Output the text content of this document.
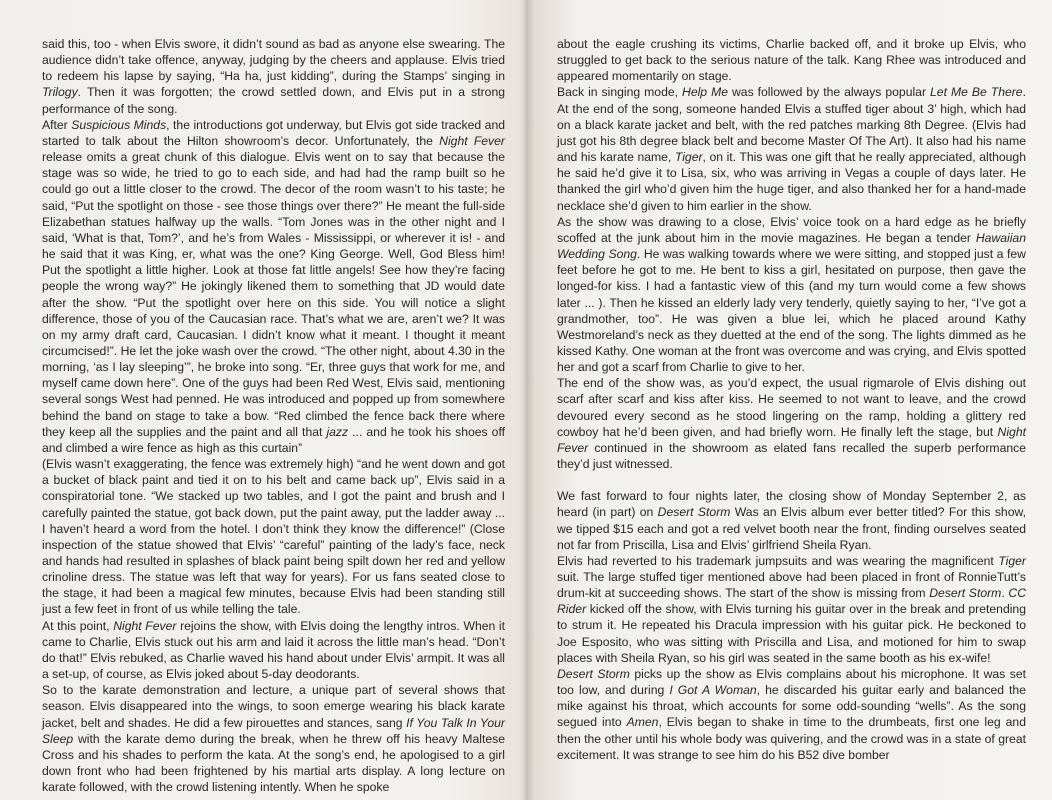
said this, too - when Elvis swore, it didn’t sound as bad as anyone else swearing. The audience didn’t take offence, anyway, judging by the cheers and applause. Elvis tried to redeem his lapse by saying, “Ha ha, just kidding”, during the Stamps’ singing in Trilogy. Then it was forgotten; the crowd settled down, and Elvis put in a strong performance of the song.

After Suspicious Minds, the introductions got underway, but Elvis got side tracked and started to talk about the Hilton showroom’s decor. Unfortunately, the Night Fever release omits a great chunk of this dialogue. Elvis went on to say that because the stage was so wide, he tried to go to each side, and had had the ramp built so he could go out a little closer to the crowd. The decor of the room wasn’t to his taste; he said, “Put the spotlight on those - see those things over there?” He meant the full-side Elizabethan statues halfway up the walls. “Tom Jones was in the other night and I said, ‘What is that, Tom?’, and he’s from Wales - Mississippi, or wherever it is! - and he said that it was King, er, what was the one? King George. Well, God Bless him! Put the spotlight a little higher. Look at those fat little angels! See how they’re facing people the wrong way?” He jokingly likened them to something that JD would date after the show. “Put the spotlight over here on this side. You will notice a slight difference, those of you of the Caucasian race. That’s what we are, aren’t we? It was on my army draft card, Caucasian. I didn’t know what it meant. I thought it meant circumcised!”. He let the joke wash over the crowd. “The other night, about 4.30 in the morning, ‘as I lay sleeping’”, he broke into song. “Er, three guys that work for me, and myself came down here”. One of the guys had been Red West, Elvis said, mentioning several songs West had penned. He was introduced and popped up from somewhere behind the band on stage to take a bow. “Red climbed the fence back there where they keep all the supplies and the paint and all that jazz ... and he took his shoes off and climbed a wire fence as high as this curtain”

(Elvis wasn’t exaggerating, the fence was extremely high) “and he went down and got a bucket of black paint and tied it on to his belt and came back up”, Elvis said in a conspiratorial tone. “We stacked up two tables, and I got the paint and brush and I carefully painted the statue, got back down, put the paint away, put the ladder away ... I haven’t heard a word from the hotel. I don’t think they know the difference!” (Close inspection of the statue showed that Elvis’ “careful” painting of the lady’s face, neck and hands had resulted in splashes of black paint being spilt down her red and yellow crinoline dress. The statue was left that way for years). For us fans seated close to the stage, it had been a magical few minutes, because Elvis had been standing still just a few feet in front of us while telling the tale.

At this point, Night Fever rejoins the show, with Elvis doing the lengthy intros. When it came to Charlie, Elvis stuck out his arm and laid it across the little man’s head. “Don’t do that!” Elvis rebuked, as Charlie waved his hand about under Elvis’ armpit. It was all a set-up, of course, as Elvis joked about 5-day deodorants.

So to the karate demonstration and lecture, a unique part of several shows that season. Elvis disappeared into the wings, to soon emerge wearing his black karate jacket, belt and shades. He did a few pirouettes and stances, sang If You Talk In Your Sleep with the karate demo during the break, when he threw off his heavy Maltese Cross and his shades to perform the kata. At the song’s end, he apologised to a girl down front who had been frightened by his martial arts display. A long lecture on karate followed, with the crowd listening intently. When he spoke

about the eagle crushing its victims, Charlie backed off, and it broke up Elvis, who struggled to get back to the serious nature of the talk. Kang Rhee was introduced and appeared momentarily on stage.

Back in singing mode, Help Me was followed by the always popular Let Me Be There. At the end of the song, someone handed Elvis a stuffed tiger about 3’ high, which had on a black karate jacket and belt, with the red patches marking 8th Degree. (Elvis had just got his 8th degree black belt and become Master Of The Art). It also had his name and his karate name, Tiger, on it. This was one gift that he really appreciated, although he said he’d give it to Lisa, six, who was arriving in Vegas a couple of days later. He thanked the girl who’d given him the huge tiger, and also thanked her for a hand-made necklace she’d given to him earlier in the show.

As the show was drawing to a close, Elvis’ voice took on a hard edge as he briefly scoffed at the junk about him in the movie magazines. He began a tender Hawaiian Wedding Song. He was walking towards where we were sitting, and stopped just a few feet before he got to me. He bent to kiss a girl, hesitated on purpose, then gave the longed-for kiss. I had a fantastic view of this (and my turn would come a few shows later ... ). Then he kissed an elderly lady very tenderly, quietly saying to her, “I’ve got a grandmother, too”. He was given a blue lei, which he placed around Kathy Westmoreland’s neck as they duetted at the end of the song. The lights dimmed as he kissed Kathy. One woman at the front was overcome and was crying, and Elvis spotted her and got a scarf from Charlie to give to her.

The end of the show was, as you’d expect, the usual rigmarole of Elvis dishing out scarf after scarf and kiss after kiss. He seemed to not want to leave, and the crowd devoured every second as he stood lingering on the ramp, holding a glittery red cowboy hat he’d been given, and had briefly worn. He finally left the stage, but Night Fever continued in the showroom as elated fans recalled the superb performance they’d just witnessed.

We fast forward to four nights later, the closing show of Monday September 2, as heard (in part) on Desert Storm Was an Elvis album ever better titled? For this show, we tipped $15 each and got a red velvet booth near the front, finding ourselves seated not far from Priscilla, Lisa and Elvis’ girlfriend Sheila Ryan.

Elvis had reverted to his trademark jumpsuits and was wearing the magnificent Tiger suit. The large stuffed tiger mentioned above had been placed in front of RonnieTutt’s drum-kit at succeeding shows. The start of the show is missing from Desert Storm. CC Rider kicked off the show, with Elvis turning his guitar over in the break and pretending to strum it. He repeated his Dracula impression with his guitar pick. He beckoned to Joe Esposito, who was sitting with Priscilla and Lisa, and motioned for him to swap places with Sheila Ryan, so his girl was seated in the same booth as his ex-wife!

Desert Storm picks up the show as Elvis complains about his microphone. It was set too low, and during I Got A Woman, he discarded his guitar early and balanced the mike against his throat, which accounts for some odd-sounding “wells”. As the song segued into Amen, Elvis began to shake in time to the drumbeats, first one leg and then the other until his whole body was quivering, and the crowd was in a state of great excitement. It was strange to see him do his B52 dive bomber
